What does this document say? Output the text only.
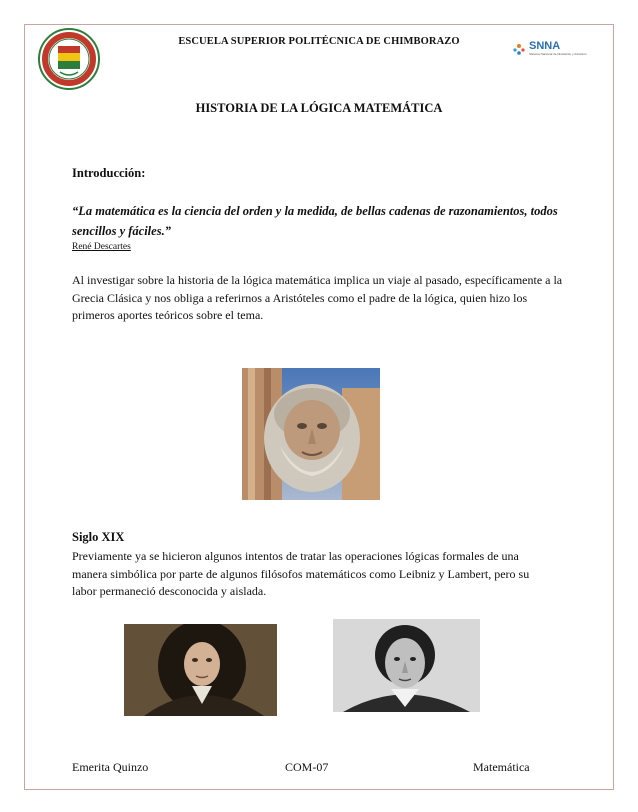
ESCUELA SUPERIOR POLITÉCNICA DE CHIMBORAZO	SNNA
Sistema Nacional de Nivelación y Admisión
HISTORIA DE LA LÓGICA MATEMÁTICA
Introducción:
“La matemática es la ciencia del orden y la medida, de bellas cadenas de razonamientos, todos sencillos y fáciles.”
René Descartes
Al investigar sobre la historia de la lógica matemática implica un viaje al pasado, específicamente a la Grecia Clásica y nos obliga a referirnos a Aristóteles como el padre de la lógica, quien hizo los primeros aportes teóricos sobre el tema.
Siglo XIX
Previamente ya se hicieron algunos intentos de tratar las operaciones lógicas formales de una manera simbólica por parte de algunos filósofos matemáticos como Leibniz y Lambert, pero su labor permaneció desconocida y aislada.
Emerita Quinzo	COM-07	Matemática
